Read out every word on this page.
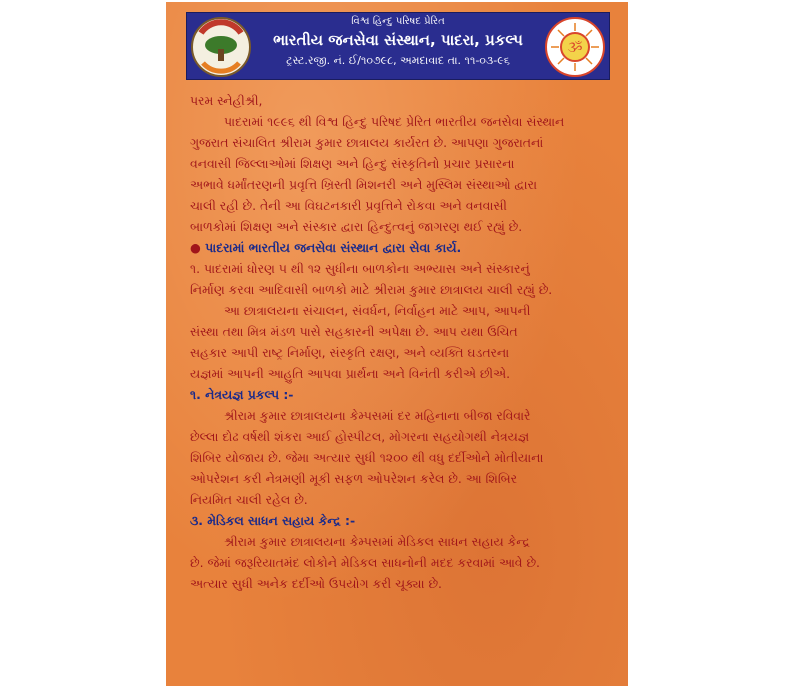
વિશ્વ હિન્દુ પરિષદ પ્રેરિત
ભારતીય જનસેવા સંસ્થાન, પાદરા, પ્રકલ્પ
ટ્રસ્ટ.રજી. નં. ઈ/૧૦૭૯૮, અમદાવાદ તા. ૧૧-૦૩-૯૬
ૐ

પરમ સ્નેહીશ્રી,

પાદરામાં ૧૯૯૬ થી વિશ્વ હિન્દુ પરિષદ પ્રેરિત ભારતીય જનસેવા સંસ્થાન
ગુજરાત સંચાલિત શ્રીરામ કુમાર છાત્રાલય કાર્યરત છે. આપણા ગુજરાતનાં
વનવાસી જિલ્લાઓમાં શિક્ષણ અને હિન્દુ સંસ્કૃતિનો પ્રચાર પ્રસારના
અભાવે ધર્માંતરણની પ્રવૃત્તિ ખ્રિસ્તી મિશનરી અને મુસ્લિમ સંસ્થાઓ દ્વારા
ચાલી રહી છે. તેની આ વિઘટનકારી પ્રવૃત્તિને રોકવા અને વનવાસી
બાળકોમાં શિક્ષણ અને સંસ્કાર દ્વારા હિન્દુત્વનું જાગરણ થઈ રહ્યું છે.

● પાદરામાં ભારતીય જનસેવા સંસ્થાન દ્વારા સેવા કાર્ય.

૧. પાદરામાં ધોરણ ૫ થી ૧૨ સુધીના બાળકોના અભ્યાસ અને સંસ્કારનું
નિર્માણ કરવા આદિવાસી બાળકો માટે શ્રીરામ કુમાર છાત્રાલય ચાલી રહ્યું છે.
આ છાત્રાલયના સંચાલન, સંવર્ધન, નિર્વાહન માટે આપ, આપની
સંસ્થા તથા મિત્ર મંડળ પાસે સહકારની અપેક્ષા છે. આપ યથા ઉચિત
સહકાર આપી રાષ્ટ્ર નિર્માણ, સંસ્કૃતિ રક્ષણ, અને વ્યક્તિ ઘડતરના
યજ્ઞમાં આપની આહુતિ આપવા પ્રાર્થના અને વિનંતી કરીએ છીએ.

૧. નેત્રયજ્ઞ પ્રકલ્પ :-

શ્રીરામ કુમાર છાત્રાલયના કેમ્પસમાં દર મહિનાના બીજા રવિવારે
છેલ્લા દોઢ વર્ષથી શંકરા આઈ હોસ્પીટલ, મોગરના સહયોગથી નેત્રયજ્ઞ
શિબિર યોજાય છે. જેમા અત્યાર સુધી ૧૨૦૦ થી વધુ દર્દીઓને મોતીયાના
ઓપરેશન કરી નેત્રમણી મૂકી સફળ ઓપરેશન કરેલ છે. આ શિબિર
નિયમિત ચાલી રહેલ છે.

૩. મેડિકલ સાધન સહાય કેન્દ્ર :-

શ્રીરામ કુમાર છાત્રાલયના કેમ્પસમાં મેડિકલ સાધન સહાય કેન્દ્ર
છે. જેમાં જરૂરિયાતમંદ લોકોને મેડિકલ સાધનોની મદદ કરવામાં આવે છે.
અત્યાર સુધી અનેક દર્દીઓ ઉપયોગ કરી ચૂક્યા છે.
